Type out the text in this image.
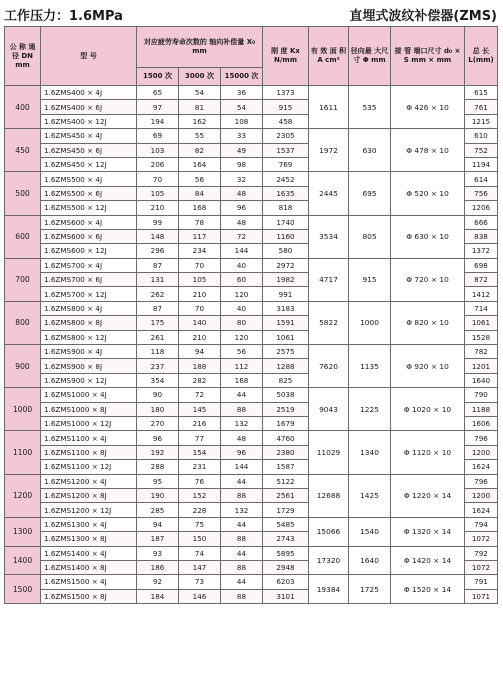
工作压力：1.6MPa	直埋式波纹补偿器(ZMS)
公 称 通 径 DN mm	型 号	对应疲劳寿命次数的 轴向补偿量 X₀ mm			刚 度 Kx N/mm	有 效 面 积 A cm²	径向最 大尺寸 Φ mm	接 管 端口尺寸 d₀ × S mm × mm	总 长 L(mm)
		1500 次	3000 次	15000 次					
400	1.6ZMS400 × 4J	65	54	36	1373	1611	535	Φ 426 × 10	615
	1.6ZMS400 × 6J	97	81	54	915				761
	1.6ZMS400 × 12J	194	162	108	458				1215
450	1.6ZMS450 × 4J	69	55	33	2305	1972	630	Φ 478 × 10	610
	1.6ZMS450 × 6J	103	82	49	1537				752
	1.6ZMS450 × 12J	206	164	98	769				1194
500	1.6ZMS500 × 4J	70	56	32	2452	2445	695	Φ 520 × 10	614
	1.6ZMS500 × 6J	105	84	48	1635				756
	1.6ZMS500 × 12J	210	168	96	818				1206
600	1.6ZMS600 × 4J	99	78	48	1740	3534	805	Φ 630 × 10	666
	1.6ZMS600 × 6J	148	117	72	1160				838
	1.6ZMS600 × 12J	296	234	144	580				1372
700	1.6ZMS700 × 4J	87	70	40	2972	4717	915	Φ 720 × 10	698
	1.6ZMS700 × 6J	131	105	60	1982				872
	1.6ZMS700 × 12J	262	210	120	991				1412
800	1.6ZMS800 × 4J	87	70	40	3183	5822	1000	Φ 820 × 10	714
	1.6ZMS800 × 8J	175	140	80	1591				1061
	1.6ZMS800 × 12J	261	210	120	1061				1528
900	1.6ZMS900 × 4J	118	94	56	2575	7620	1135	Φ 920 × 10	782
	1.6ZMS900 × 8J	237	188	112	1288				1201
	1.6ZMS900 × 12J	354	282	168	825				1640
1000	1.6ZMS1000 × 4J	90	72	44	5038	9043	1225	Φ 1020 × 10	790
	1.6ZMS1000 × 8J	180	145	88	2519				1188
	1.6ZMS1000 × 12J	270	216	132	1679				1606
1100	1.6ZMS1100 × 4J	96	77	48	4760	11029	1340	Φ 1120 × 10	796
	1.6ZMS1100 × 8J	192	154	96	2380				1200
	1.6ZMS1100 × 12J	288	231	144	1587				1624
1200	1.6ZMS1200 × 4J	95	76	44	5122	12688	1425	Φ 1220 × 14	796
	1.6ZMS1200 × 8J	190	152	88	2561				1200
	1.6ZMS1200 × 12J	285	228	132	1729				1624
1300	1.6ZMS1300 × 4J	94	75	44	5485	15066	1540	Φ 1320 × 14	794
	1.6ZMS1300 × 8J	187	150	88	2743				1072
1400	1.6ZMS1400 × 4J	93	74	44	5895	17320	1640	Φ 1420 × 14	792
	1.6ZMS1400 × 8J	186	147	88	2948				1072
1500	1.6ZMS1500 × 4J	92	73	44	6203	19384	1725	Φ 1520 × 14	791
	1.6ZMS1500 × 8J	184	146	88	3101				1071
